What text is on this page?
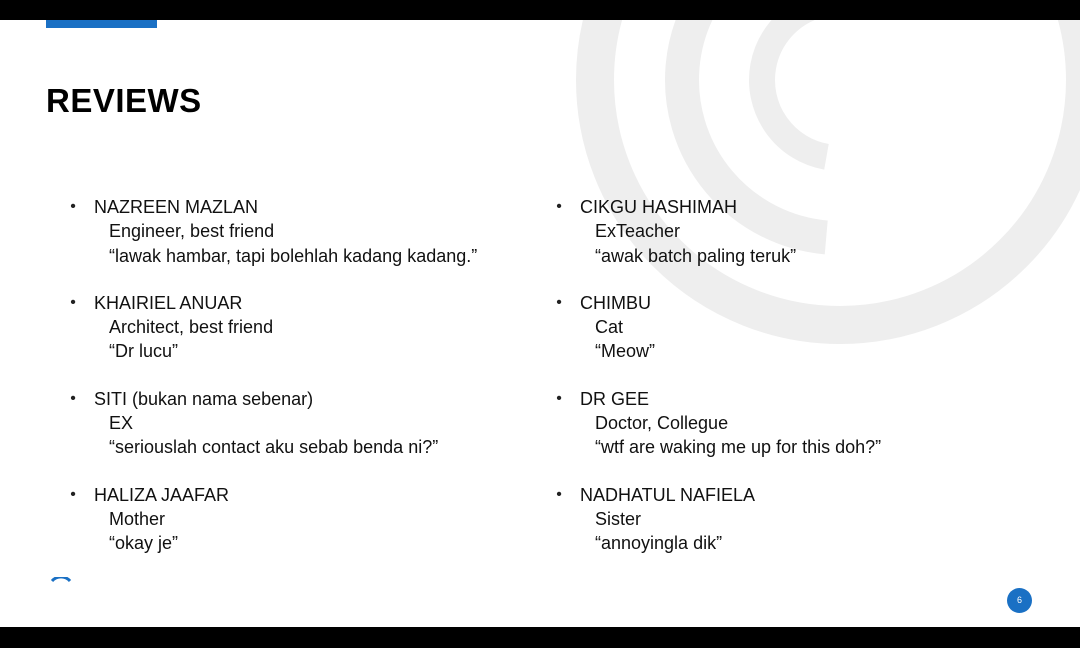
REVIEWS
• NAZREEN MAZLAN
Engineer, best friend
“lawak hambar, tapi bolehlah kadang kadang.”
• KHAIRIEL ANUAR
Architect, best friend
“Dr lucu”
• SITI (bukan nama sebenar)
EX
“seriouslah contact aku sebab benda ni?”
• HALIZA JAAFAR
Mother
“okay je”
• CIKGU HASHIMAH
ExTeacher
“awak batch paling teruk”
• CHIMBU
Cat
“Meow”
• DR GEE
Doctor, Collegue
“wtf are waking me up for this doh?”
• NADHATUL NAFIELA
Sister
“annoyingla dik”
6
